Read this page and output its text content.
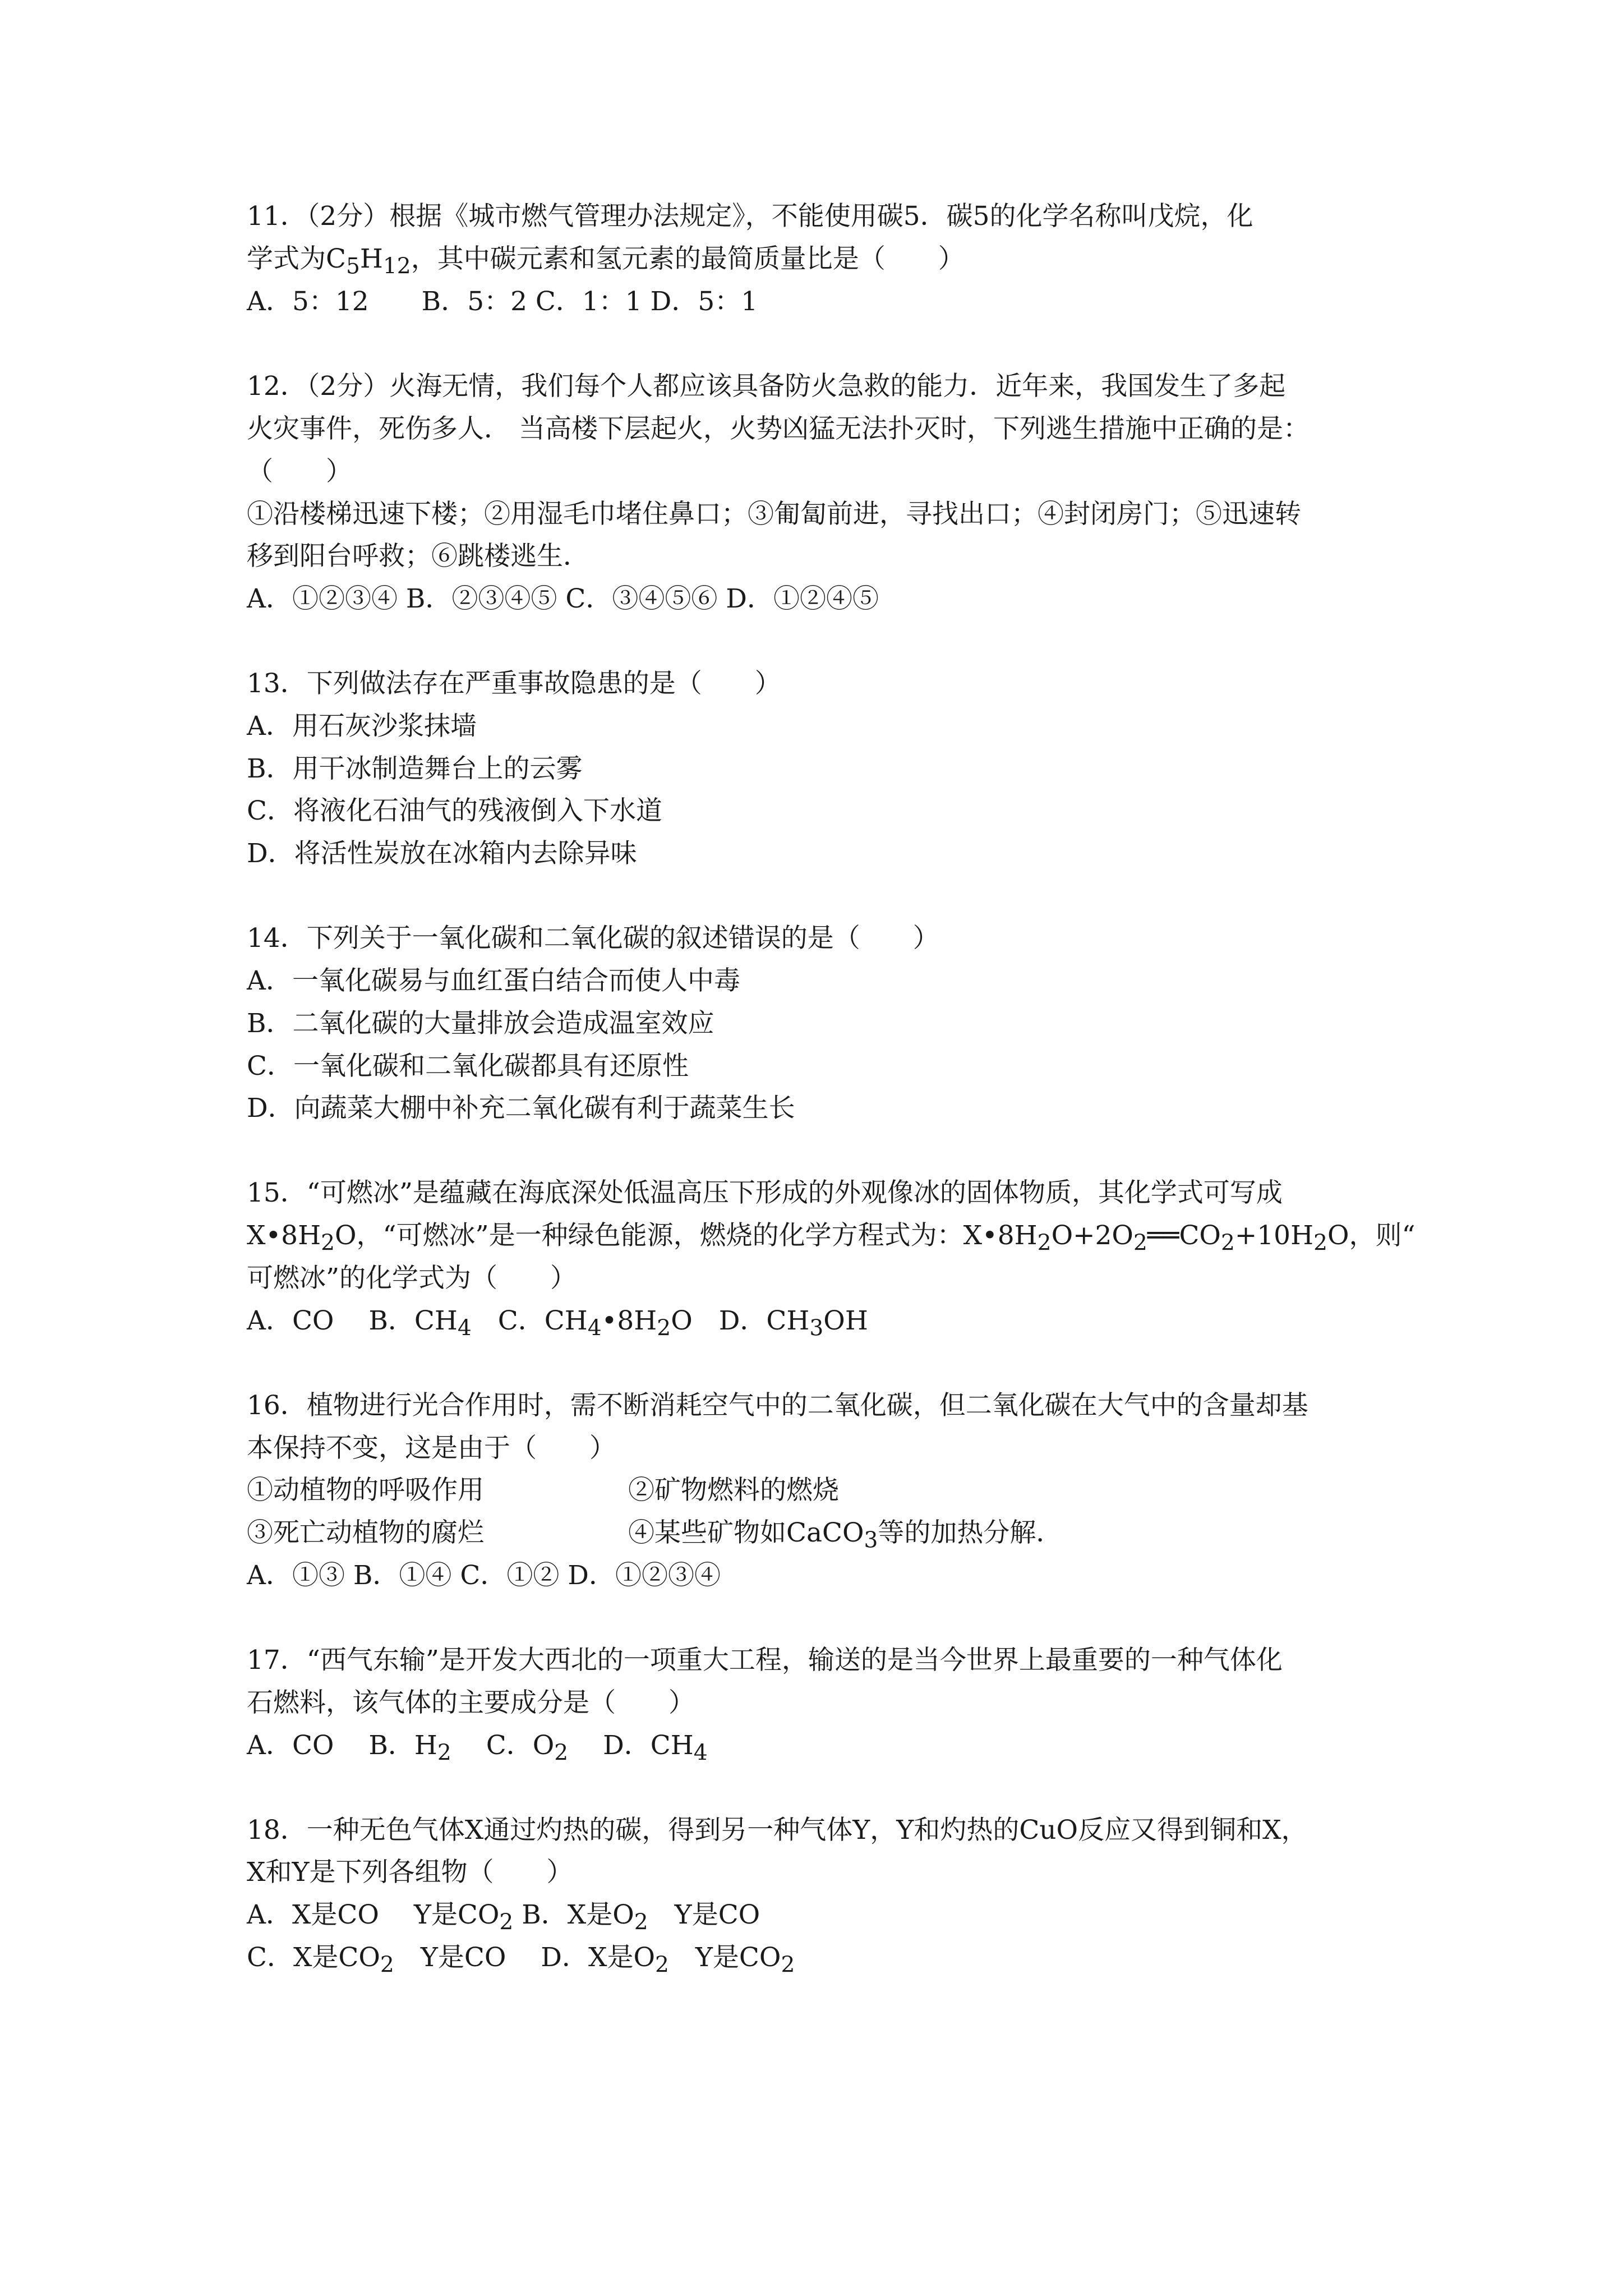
11．（2分）根据《城市燃气管理办法规定》，不能使用碳5．碳5的化学名称叫戊烷，化
学式为$C_5H_{12}$，其中碳元素和氢元素的最简质量比是（　　）
A．5：12　　B．5：2 C．1：1 D．5：1
12．（2分）火海无情，我们每个人都应该具备防火急救的能力．近年来，我国发生了多起
火灾事件，死伤多人． 当高楼下层起火，火势凶猛无法扑灭时，下列逃生措施中正确的是：
（　　）
①沿楼梯迅速下楼；②用湿毛巾堵住鼻口；③匍匐前进，寻找出口；④封闭房门；⑤迅速转
移到阳台呼救；⑥跳楼逃生．
A．①②③④ B．②③④⑤ C．③④⑤⑥ D．①②④⑤
13．下列做法存在严重事故隐患的是（　　）
A．用石灰沙浆抹墙
B．用干冰制造舞台上的云雾
C．将液化石油气的残液倒入下水道
D．将活性炭放在冰箱内去除异味
14．下列关于一氧化碳和二氧化碳的叙述错误的是（　　）
A．一氧化碳易与血红蛋白结合而使人中毒
B．二氧化碳的大量排放会造成温室效应
C．一氧化碳和二氧化碳都具有还原性
D．向蔬菜大棚中补充二氧化碳有利于蔬菜生长
15．“可燃冰”是蕴藏在海底深处低温高压下形成的外观像冰的固体物质，其化学式可写成
$X•8H_2O$，“可燃冰”是一种绿色能源，燃烧的化学方程式为：$X•8H_2O+2O_2══CO_2+10H_2O$，则“
可燃冰”的化学式为（　　）
A．CO　 B．$CH_4$　C．$CH_4•8H_2O$　D．$CH_3OH$
16．植物进行光合作用时，需不断消耗空气中的二氧化碳，但二氧化碳在大气中的含量却基
本保持不变，这是由于（　　）
①动植物的呼吸作用	②矿物燃料的燃烧
③死亡动植物的腐烂	④某些矿物如CaCO$_3$等的加热分解．
A．①③ B．①④ C．①② D．①②③④
17．“西气东输”是开发大西北的一项重大工程，输送的是当今世界上最重要的一种气体化
石燃料，该气体的主要成分是（　　）
A．CO　 B．$H_2$　 C．$O_2$　 D．$CH_4$
18．一种无色气体X通过灼热的碳，得到另一种气体Y，Y和灼热的CuO反应又得到铜和X，
X和Y是下列各组物（　　）
A．X是CO　 Y是$CO_2$ B．X是$O_2$　Y是CO
C．X是$CO_2$　Y是CO　 D．X是$O_2$　Y是$CO_2$
